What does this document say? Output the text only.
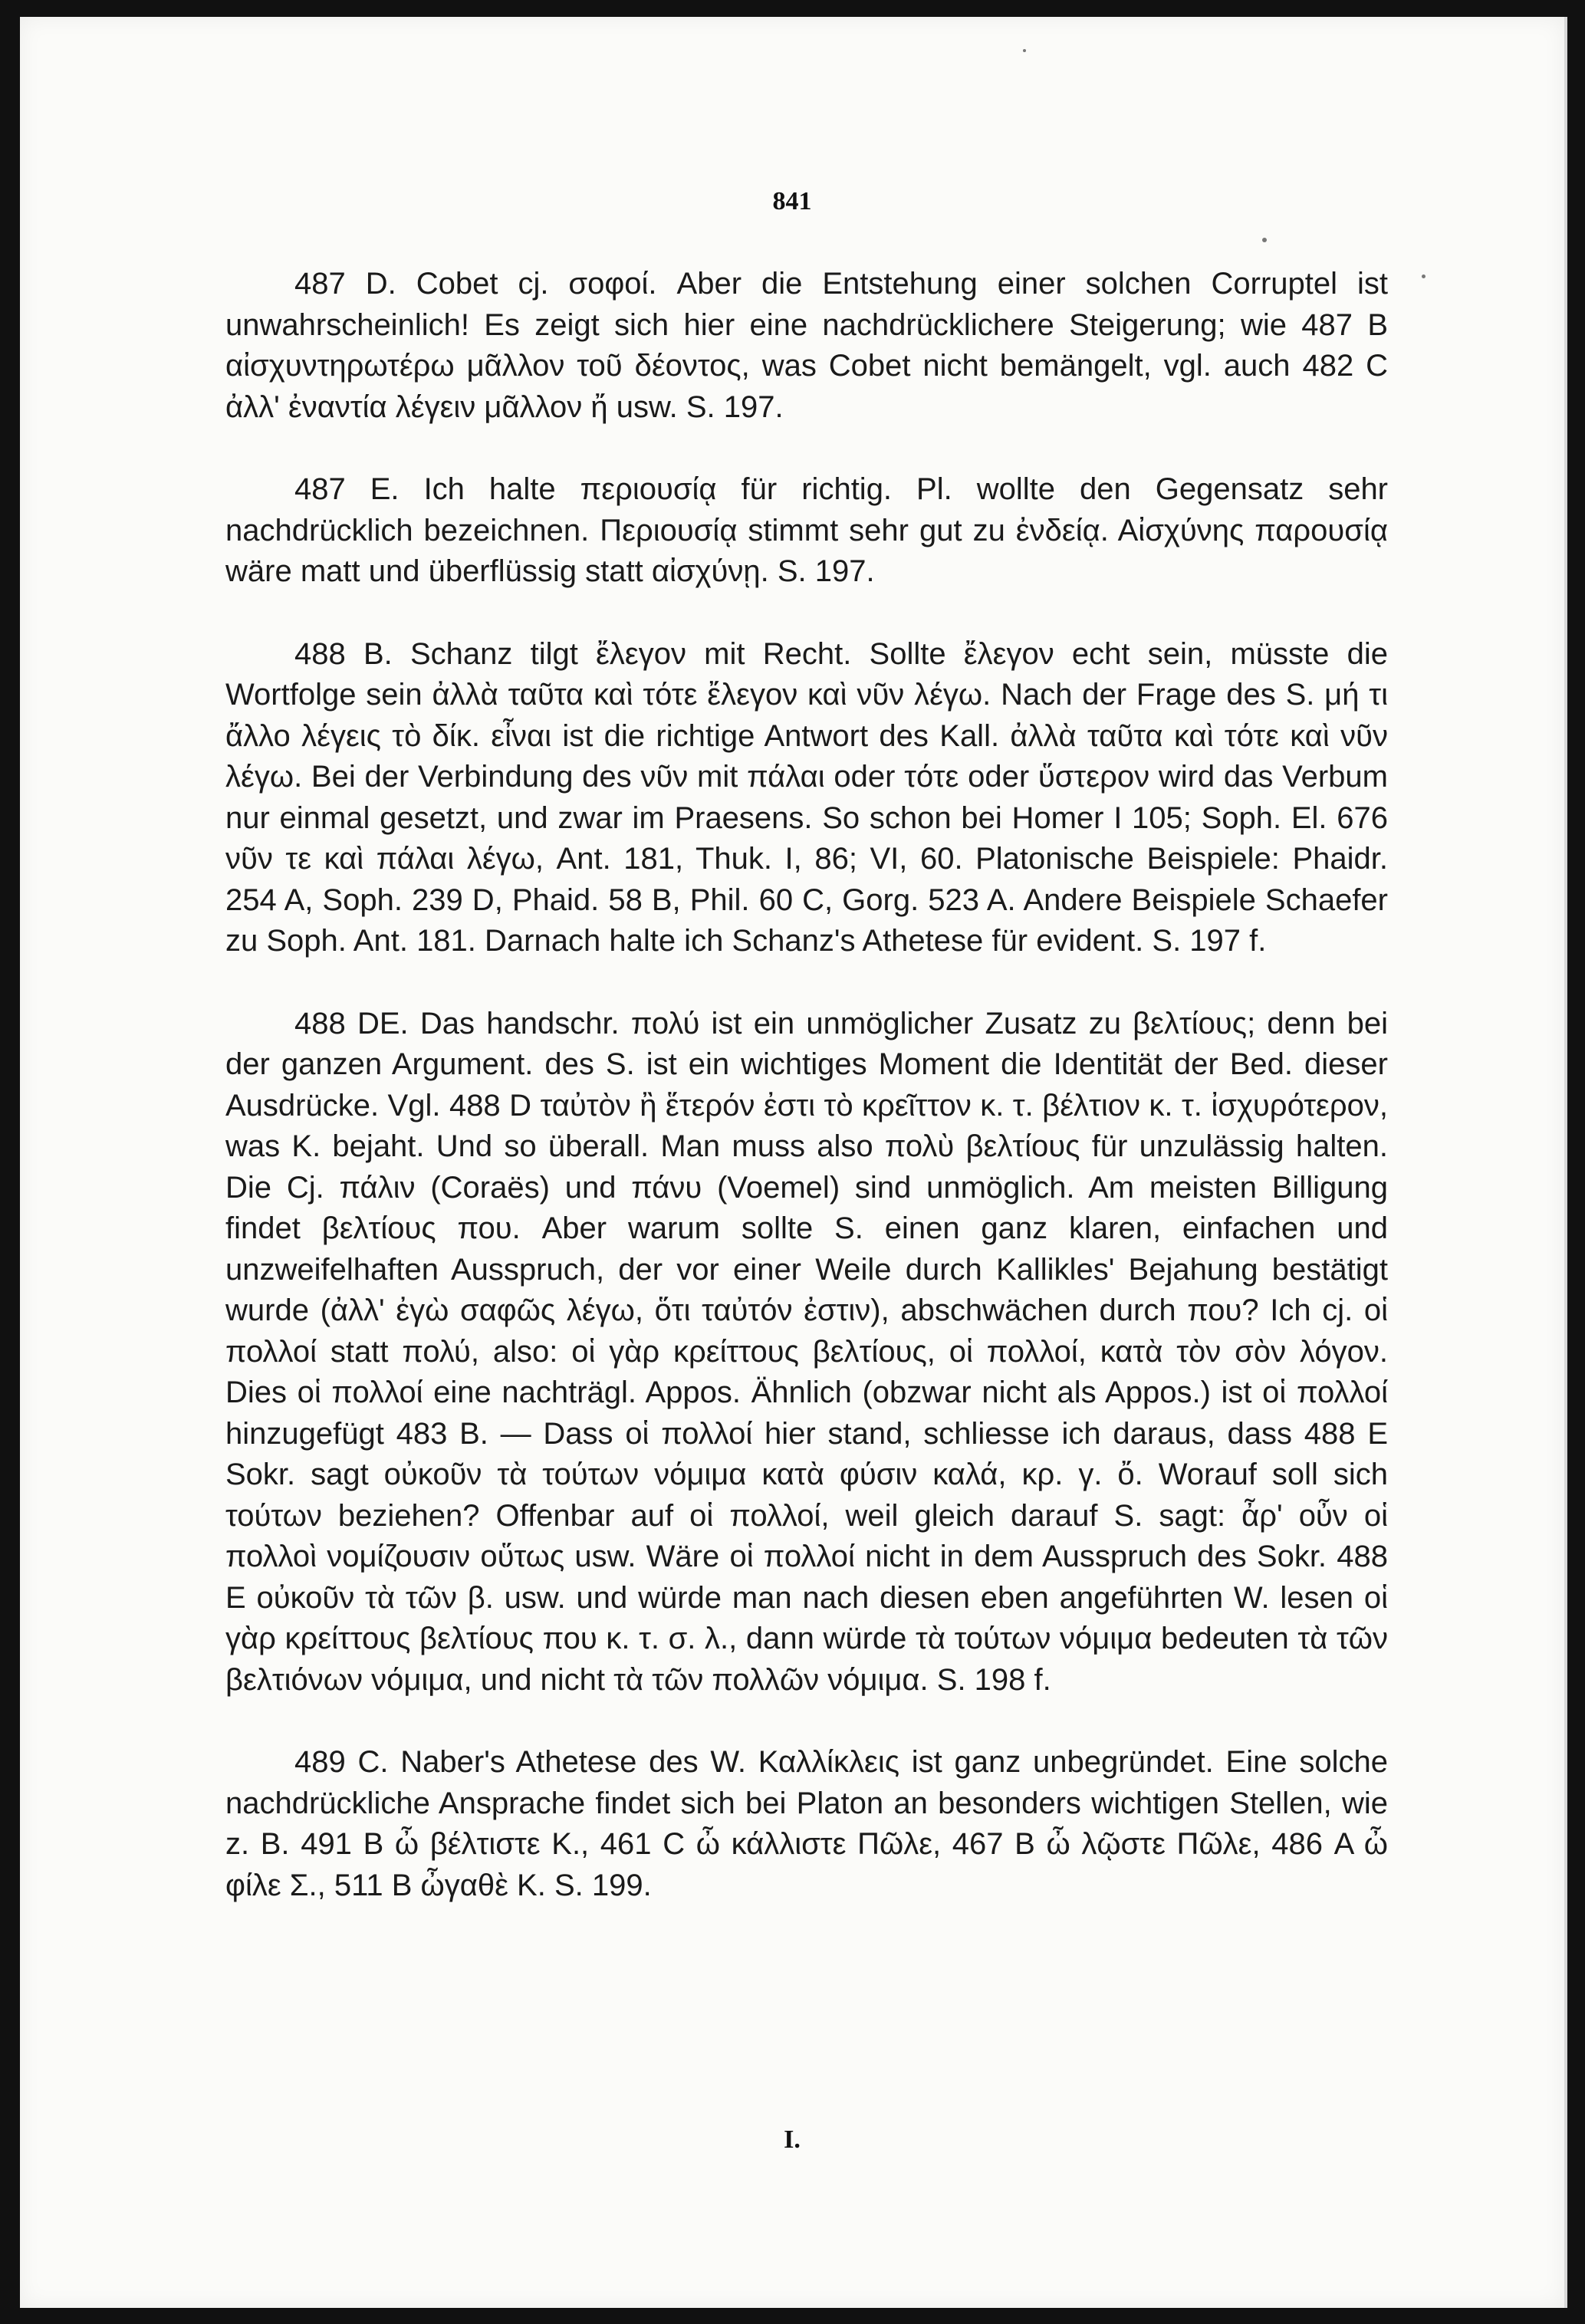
841

487 D. Cobet cj. σοφοί. Aber die Entstehung einer solchen Corruptel ist unwahrscheinlich! Es zeigt sich hier eine nachdrücklichere Steigerung; wie 487 B αἰσχυντηρωτέρω μᾶλλον τοῦ δέοντος, was Cobet nicht bemängelt, vgl. auch 482 C ἀλλ' ἐναντία λέγειν μᾶλλον ἤ usw. S. 197.

487 E. Ich halte περιουσίᾳ für richtig. Pl. wollte den Gegensatz sehr nachdrücklich bezeichnen. Περιουσίᾳ stimmt sehr gut zu ἐνδείᾳ. Αἰσχύνης παρουσίᾳ wäre matt und überflüssig statt αἰσχύνῃ. S. 197.

488 B. Schanz tilgt ἔλεγον mit Recht. Sollte ἔλεγον echt sein, müsste die Wortfolge sein ἀλλὰ ταῦτα καὶ τότε ἔλεγον καὶ νῦν λέγω. Nach der Frage des S. μή τι ἄλλο λέγεις τὸ δίκ. εἶναι ist die richtige Antwort des Kall. ἀλλὰ ταῦτα καὶ τότε καὶ νῦν λέγω. Bei der Verbindung des νῦν mit πάλαι oder τότε oder ὕστερον wird das Verbum nur einmal gesetzt, und zwar im Praesens. So schon bei Homer Ι 105; Soph. El. 676 νῦν τε καὶ πάλαι λέγω, Ant. 181, Thuk. I, 86; VI, 60. Platonische Beispiele: Phaidr. 254 A, Soph. 239 D, Phaid. 58 B, Phil. 60 C, Gorg. 523 A. Andere Beispiele Schaefer zu Soph. Ant. 181. Darnach halte ich Schanz's Athetese für evident. S. 197 f.

488 DE. Das handschr. πολύ ist ein unmöglicher Zusatz zu βελτίους; denn bei der ganzen Argument. des S. ist ein wichtiges Moment die Identität der Bed. dieser Ausdrücke. Vgl. 488 D ταὐτὸν ἢ ἕτερόν ἐστι τὸ κρεῖττον κ. τ. βέλτιον κ. τ. ἰσχυρότερον, was K. bejaht. Und so überall. Man muss also πολὺ βελτίους für unzulässig halten. Die Cj. πάλιν (Coraës) und πάνυ (Voemel) sind unmöglich. Am meisten Billigung findet βελτίους που. Aber warum sollte S. einen ganz klaren, einfachen und unzweifelhaften Ausspruch, der vor einer Weile durch Kallikles' Bejahung bestätigt wurde (ἀλλ' ἐγὼ σαφῶς λέγω, ὅτι ταὐτόν ἐστιν), abschwächen durch που? Ich cj. οἱ πολλοί statt πολύ, also: οἱ γὰρ κρείττους βελτίους, οἱ πολλοί, κατὰ τὸν σὸν λόγον. Dies οἱ πολλοί eine nachträgl. Appos. Ähnlich (obzwar nicht als Appos.) ist οἱ πολλοί hinzugefügt 483 B. — Dass οἱ πολλοί hier stand, schliesse ich daraus, dass 488 E Sokr. sagt οὐκοῦν τὰ τούτων νόμιμα κατὰ φύσιν καλά, κρ. γ. ὄ. Worauf soll sich τούτων beziehen? Offenbar auf οἱ πολλοί, weil gleich darauf S. sagt: ἆρ' οὖν οἱ πολλοὶ νομίζουσιν οὕτως usw. Wäre οἱ πολλοί nicht in dem Ausspruch des Sokr. 488 E οὐκοῦν τὰ τῶν β. usw. und würde man nach diesen eben angeführten W. lesen οἱ γὰρ κρείττους βελτίους που κ. τ. σ. λ., dann würde τὰ τούτων νόμιμα bedeuten τὰ τῶν βελτιόνων νόμιμα, und nicht τὰ τῶν πολλῶν νόμιμα. S. 198 f.

489 C. Naber's Athetese des W. Καλλίκλεις ist ganz unbegründet. Eine solche nachdrückliche Ansprache findet sich bei Platon an besonders wichtigen Stellen, wie z. B. 491 B ὦ βέλτιστε Κ., 461 C ὦ κάλλιστε Πῶλε, 467 B ὦ λῷστε Πῶλε, 486 A ὦ φίλε Σ., 511 B ὦγαθὲ Κ. S. 199.

I.
